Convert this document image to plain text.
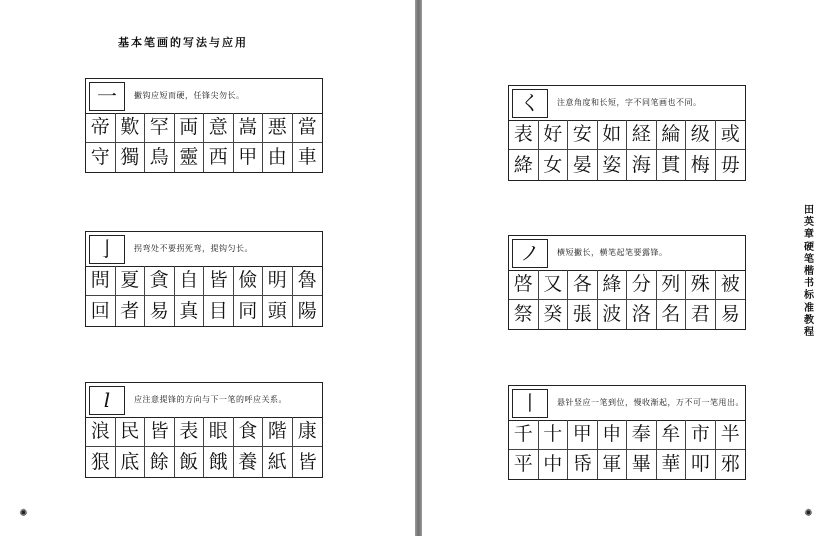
基本笔画的写法与应用
一	撇钩应短而硬，任锋尖勿长。
帝 歎 罕 両 意 嵩 悪 當
守 獨 鳥 靈 西 甲 由 車
亅	拐弯处不要拐死弯，提钩匀长。
問 夏 貪 自 皆 儉 明 魯
回 者 易 真 目 同 頭 陽
l	应注意提锋的方向与下一笔的呼应关系。
浪 民 皆 表 眼 食 階 康
狠 底 餘 飯 餓 養 紙 皆
✺
く	注意角度和长短，字不同笔画也不同。
表 好 安 如 経 綸 级 或
絳 女 晏 姿 海 貫 梅 毋
ノ	横短撇长，横笔起笔要露锋。
啓 又 各 綘 分 列 殊 被
祭 癸 張 波 洛 名 君 易
丨	悬针竖应一笔到位，慢收渐起，万不可一笔甩出。
千 十 甲 申 奉 牟 市 半
平 中 帋 軍 畢 華 叩 邪
✺
田英章硬笔楷书标准教程
